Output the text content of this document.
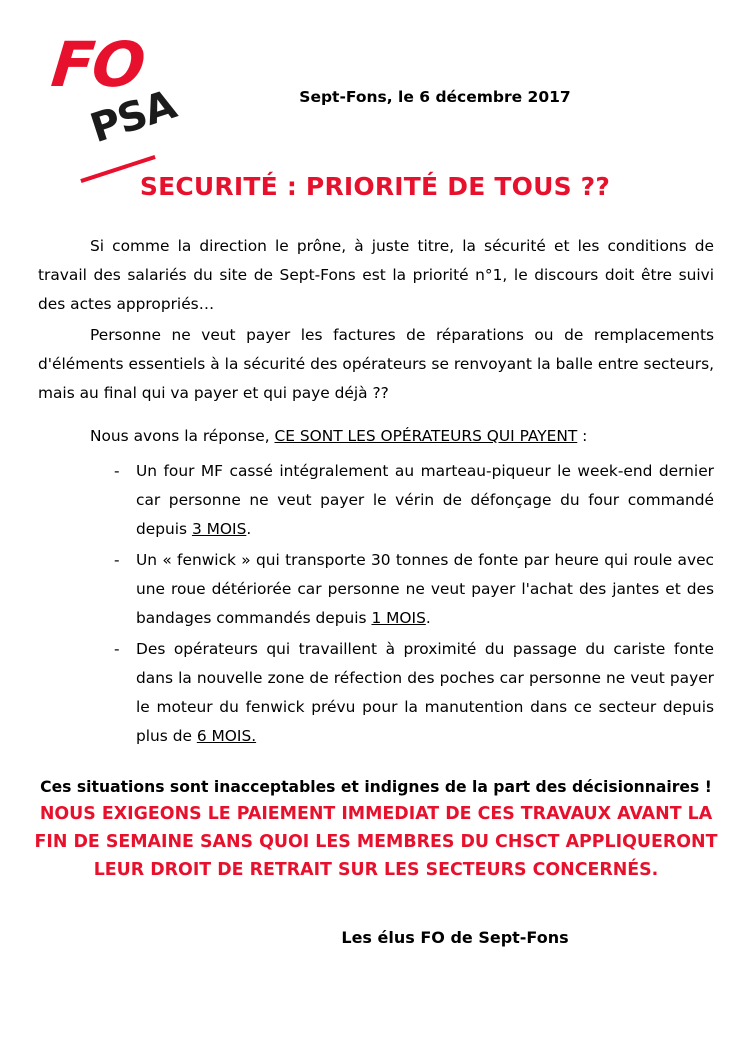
FO
PSA	Sept-Fons, le 6 décembre 2017
SECURITÉ : PRIORITÉ DE TOUS ??

Si comme la direction le prône, à juste titre, la sécurité et les conditions de travail des salariés du site de Sept-Fons est la priorité n°1, le discours doit être suivi des actes appropriés…

Personne ne veut payer les factures de réparations ou de remplacements d'éléments essentiels à la sécurité des opérateurs se renvoyant la balle entre secteurs, mais au final qui va payer et qui paye déjà ??

Nous avons la réponse, CE SONT LES OPÉRATEURS QUI PAYENT :

- Un four MF cassé intégralement au marteau-piqueur le week-end dernier car personne ne veut payer le vérin de défonçage du four commandé depuis 3 MOIS.
- Un « fenwick » qui transporte 30 tonnes de fonte par heure qui roule avec une roue détériorée car personne ne veut payer l'achat des jantes et des bandages commandés depuis 1 MOIS.
- Des opérateurs qui travaillent à proximité du passage du cariste fonte dans la nouvelle zone de réfection des poches car personne ne veut payer le moteur du fenwick prévu pour la manutention dans ce secteur depuis plus de 6 MOIS.
Ces situations sont inacceptables et indignes de la part des décisionnaires !
NOUS EXIGEONS LE PAIEMENT IMMEDIAT DE CES TRAVAUX AVANT LA FIN DE SEMAINE SANS QUOI LES MEMBRES DU CHSCT APPLIQUERONT LEUR DROIT DE RETRAIT SUR LES SECTEURS CONCERNÉS.
Les élus FO de Sept-Fons
